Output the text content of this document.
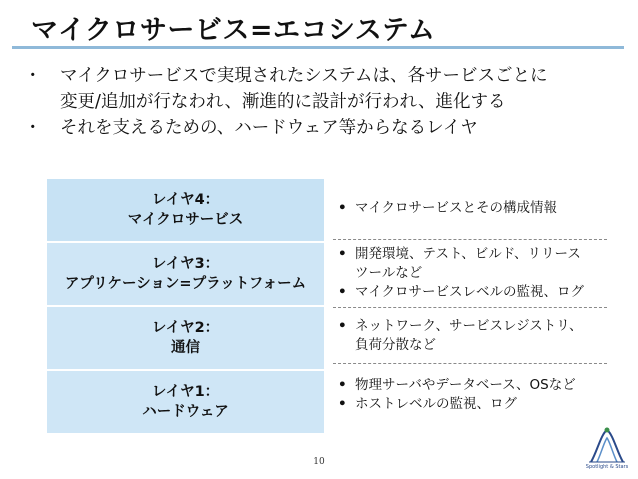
マイクロサービス=エコシステム
・ マイクロサービスで実現されたシステムは、各サービスごとに
変更/追加が行なわれ、漸進的に設計が行われ、進化する
・ それを支えるための、ハードウェア等からなるレイヤ
レイヤ4：
マイクロサービス
レイヤ3：
アプリケーション=プラットフォーム
レイヤ2：
通信
レイヤ1：
ハードウェア
• マイクロサービスとその構成情報
• 開発環境、テスト、ビルド、リリース
ツールなど
• マイクロサービスレベルの監視、ログ
• ネットワーク、サービスレジストリ、
負荷分散など
• 物理サーバやデータベース、OSなど
• ホストレベルの監視、ログ
10	Spotlight & Stars
